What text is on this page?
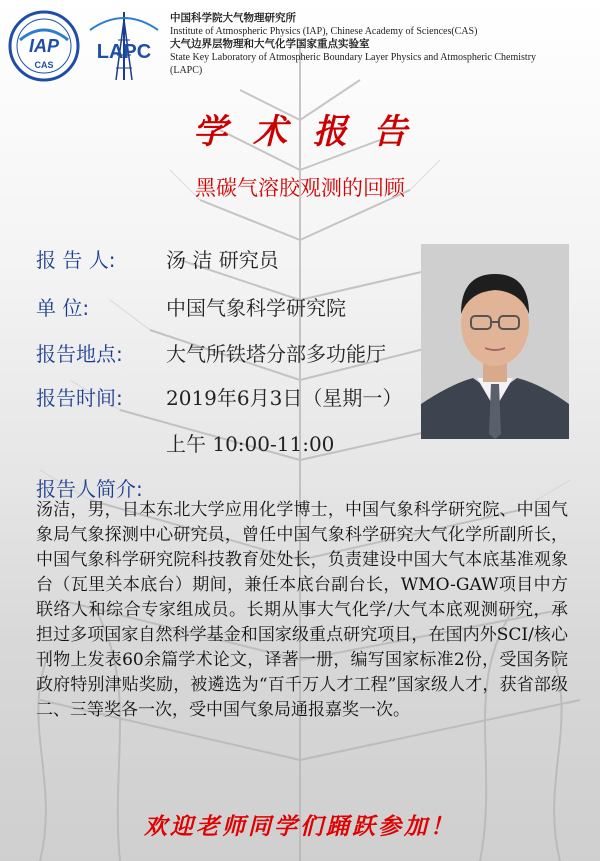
IAP
CAS
LAPC
中国科学院大气物理研究所
Institute of Atmospheric Physics (IAP), Chinese Academy of Sciences(CAS)
大气边界层物理和大气化学国家重点实验室
State Key Laboratory of Atmospheric Boundary Layer Physics and Atmospheric Chemistry
(LAPC)
学术报告
黑碳气溶胶观测的回顾
报 告 人:	汤 洁 研究员
单 位:	中国气象科学研究院
报告地点: 大气所铁塔分部多功能厅
报告时间: 2019年6月3日（星期一）
上午 10:00-11:00
报告人简介:
汤洁，男，日本东北大学应用化学博士，中国气象科学研究院、中国气象局气象探测中心研究员，曾任中国气象科学研究大气化学所副所长，中国气象科学研究院科技教育处处长，负责建设中国大气本底基准观象台（瓦里关本底台）期间，兼任本底台副台长，WMO-GAW项目中方联络人和综合专家组成员。长期从事大气化学/大气本底观测研究，承担过多项国家自然科学基金和国家级重点研究项目，在国内外SCI/核心刊物上发表60余篇学术论文，译著一册，编写国家标准2份，受国务院政府特别津贴奖励，被遴选为“百千万人才工程”国家级人才，获省部级二、三等奖各一次，受中国气象局通报嘉奖一次。
欢迎老师同学们踊跃参加！
